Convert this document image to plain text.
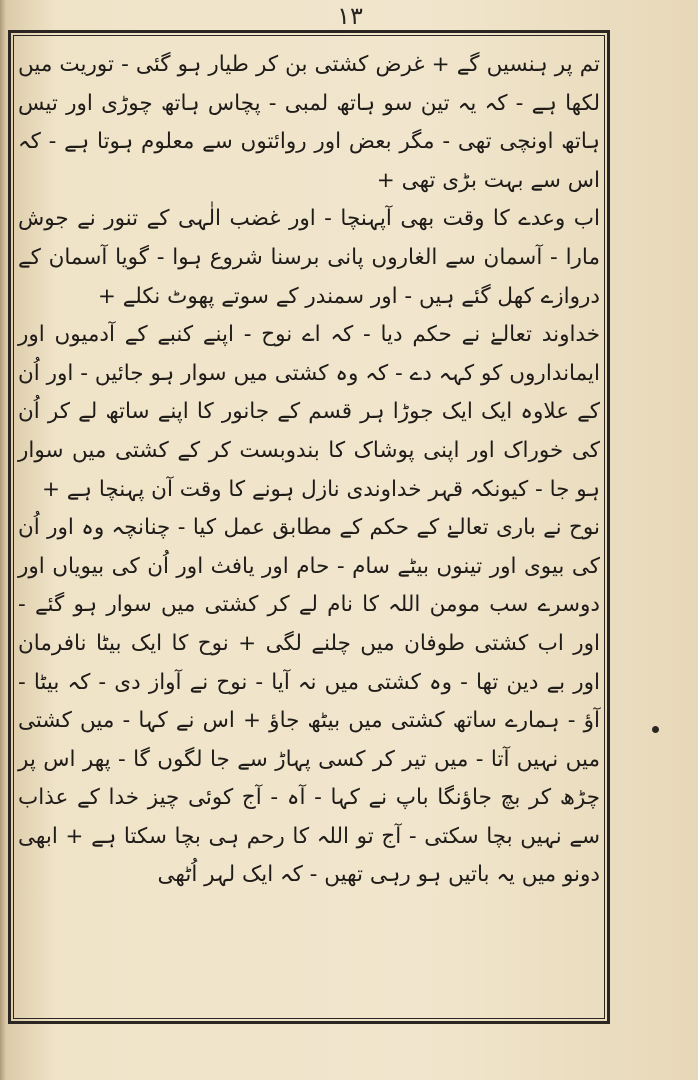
۱۳

تم پر ہنسیں گے + غرض کشتی بن کر طیار ہو گئی - توریت میں لکھا ہے - کہ یہ تین سو ہاتھ لمبی - پچاس ہاتھ چوڑی اور تیس ہاتھ اونچی تھی - مگر بعض اور روائتوں سے معلوم ہوتا ہے - کہ اس سے بہت بڑی تھی +

اب وعدے کا وقت بھی آپہنچا - اور غضب الٰہی کے تنور نے جوش مارا - آسمان سے الغاروں پانی برسنا شروع ہوا - گویا آسمان کے دروازے کھل گئے ہیں - اور سمندر کے سوتے پھوٹ نکلے +

خداوند تعالےٰ نے حکم دیا - کہ اے نوح - اپنے کنبے کے آدمیوں اور ایمانداروں کو کہہ دے - کہ وہ کشتی میں سوار ہو جائیں - اور اُن کے علاوہ ایک ایک جوڑا ہر قسم کے جانور کا اپنے ساتھ لے کر اُن کی خوراک اور اپنی پوشاک کا بندوبست کر کے کشتی میں سوار ہو جا - کیونکہ قہر خداوندی نازل ہونے کا وقت آن پہنچا ہے +

نوح نے باری تعالےٰ کے حکم کے مطابق عمل کیا - چنانچہ وہ اور اُن کی بیوی اور تینوں بیٹے سام - حام اور یافث اور اُن کی بیویاں اور دوسرے سب مومن اللہ کا نام لے کر کشتی میں سوار ہو گئے - اور اب کشتی طوفان میں چلنے لگی + نوح کا ایک بیٹا نافرمان اور بے دین تھا - وہ کشتی میں نہ آیا - نوح نے آواز دی - کہ بیٹا - آؤ - ہمارے ساتھ کشتی میں بیٹھ جاؤ + اس نے کہا - میں کشتی میں نہیں آتا - میں تیر کر کسی پہاڑ سے جا لگوں گا - پھر اس پر چڑھ کر بچ جاؤنگا باپ نے کہا - آہ - آج کوئی چیز خدا کے عذاب سے نہیں بچا سکتی - آج تو اللہ کا رحم ہی بچا سکتا ہے + ابھی دونو میں یہ باتیں ہو رہی تھیں - کہ ایک لہر اُٹھی
